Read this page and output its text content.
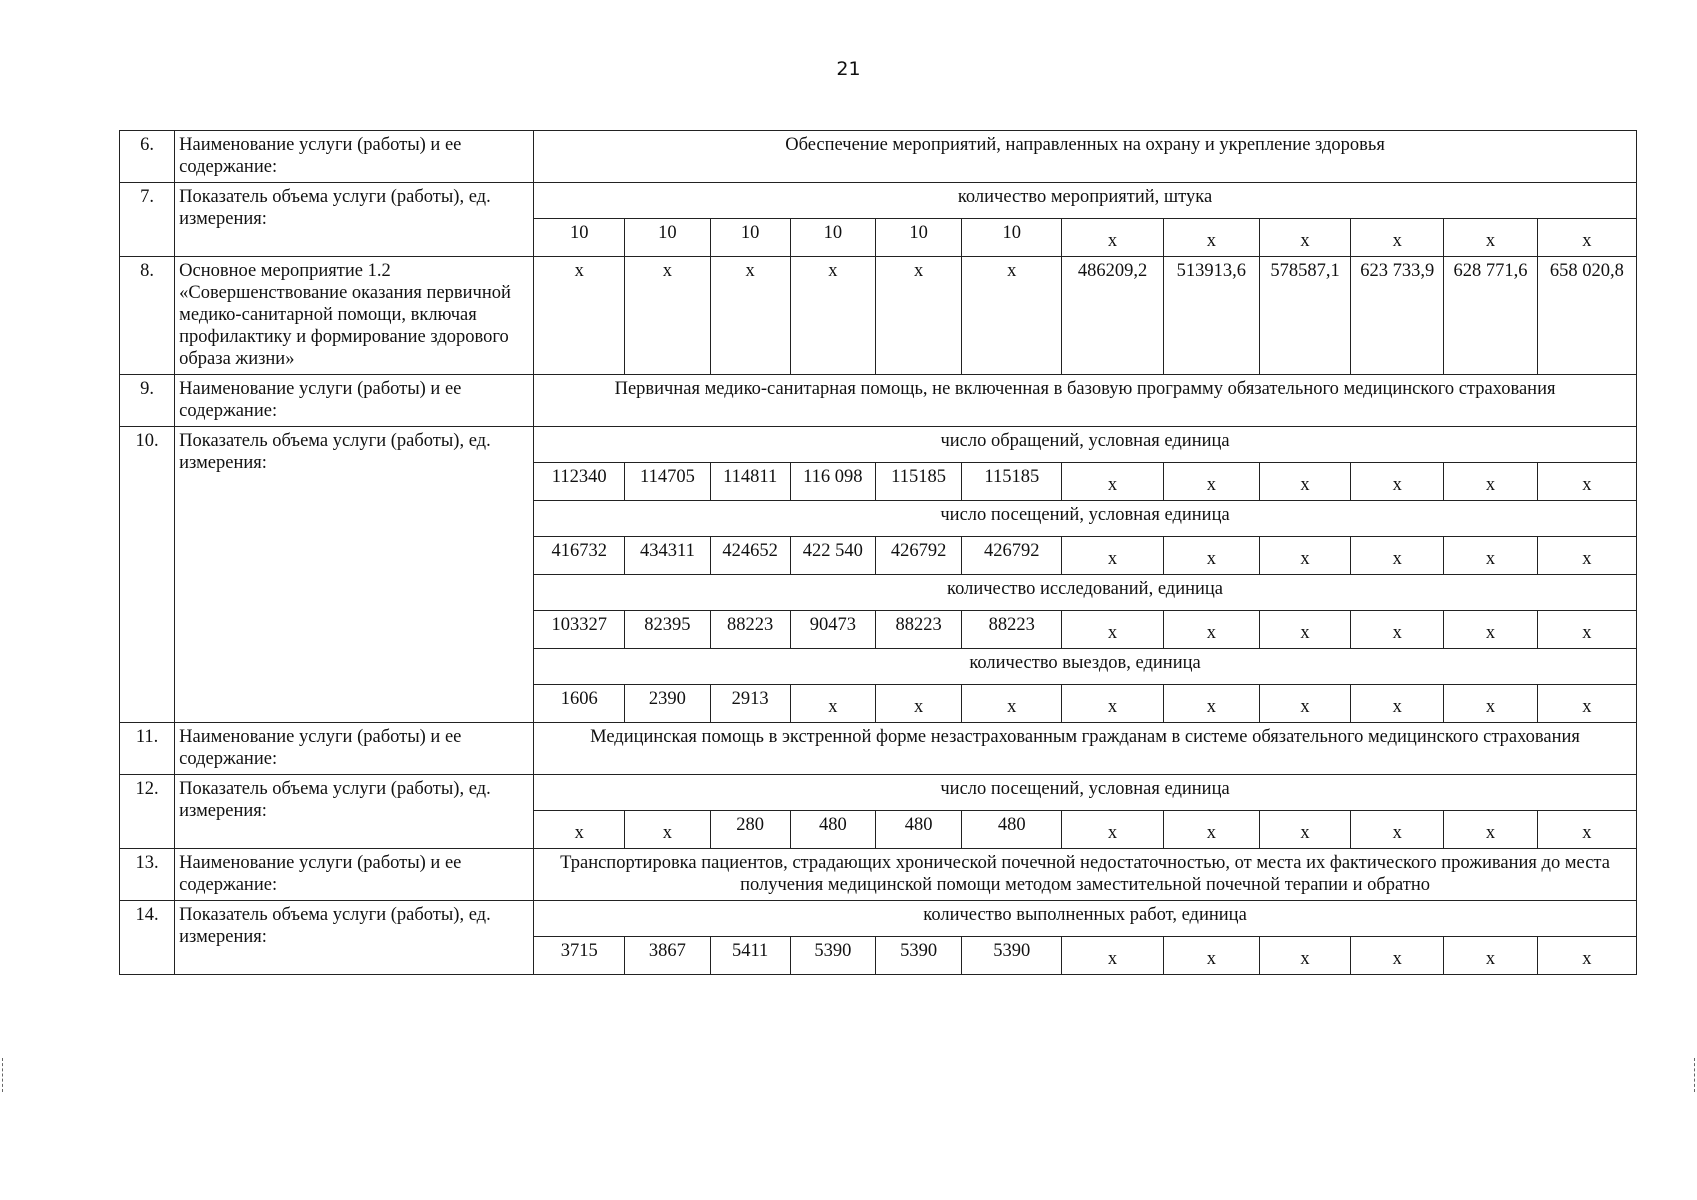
21
6.	Наименование услуги (работы) и ее содержание:	Обеспечение мероприятий, направленных на охрану и укрепление здоровья											
7.	Показатель объема услуги (работы), ед. измерения:	количество мероприятий, штука											
		10	10	10	10	10	10	х	х	х	х	х	х
8.	Основное мероприятие 1.2 «Совершенствование оказания первичной медико-санитарной помощи, включая профилактику и формирование здорового образа жизни»	х	х	х	х	х	х	486209,2	513913,6	578587,1	623 733,9	628 771,6	658 020,8
9.	Наименование услуги (работы) и ее содержание:	Первичная медико-санитарная помощь, не включенная в базовую программу обязательного медицинского страхования											
10.	Показатель объема услуги (работы), ед. измерения:	число обращений, условная единица											
		112340	114705	114811	116 098	115185	115185	х	х	х	х	х	х
		число посещений, условная единица											
		416732	434311	424652	422 540	426792	426792	х	х	х	х	х	х
		количество исследований, единица											
		103327	82395	88223	90473	88223	88223	х	х	х	х	х	х
		количество выездов, единица											
		1606	2390	2913	х	х	х	х	х	х	х	х	х
11.	Наименование услуги (работы) и ее содержание:	Медицинская помощь в экстренной форме незастрахованным гражданам в системе обязательного медицинского страхования											
12.	Показатель объема услуги (работы), ед. измерения:	число посещений, условная единица											
		х	х	280	480	480	480	х	х	х	х	х	х
13.	Наименование услуги (работы) и ее содержание:	Транспортировка пациентов, страдающих хронической почечной недостаточностью, от места их фактического проживания до места получения медицинской помощи методом заместительной почечной терапии и обратно											
14.	Показатель объема услуги (работы), ед. измерения:	количество выполненных работ, единица											
		3715	3867	5411	5390	5390	5390	х	х	х	х	х	х
